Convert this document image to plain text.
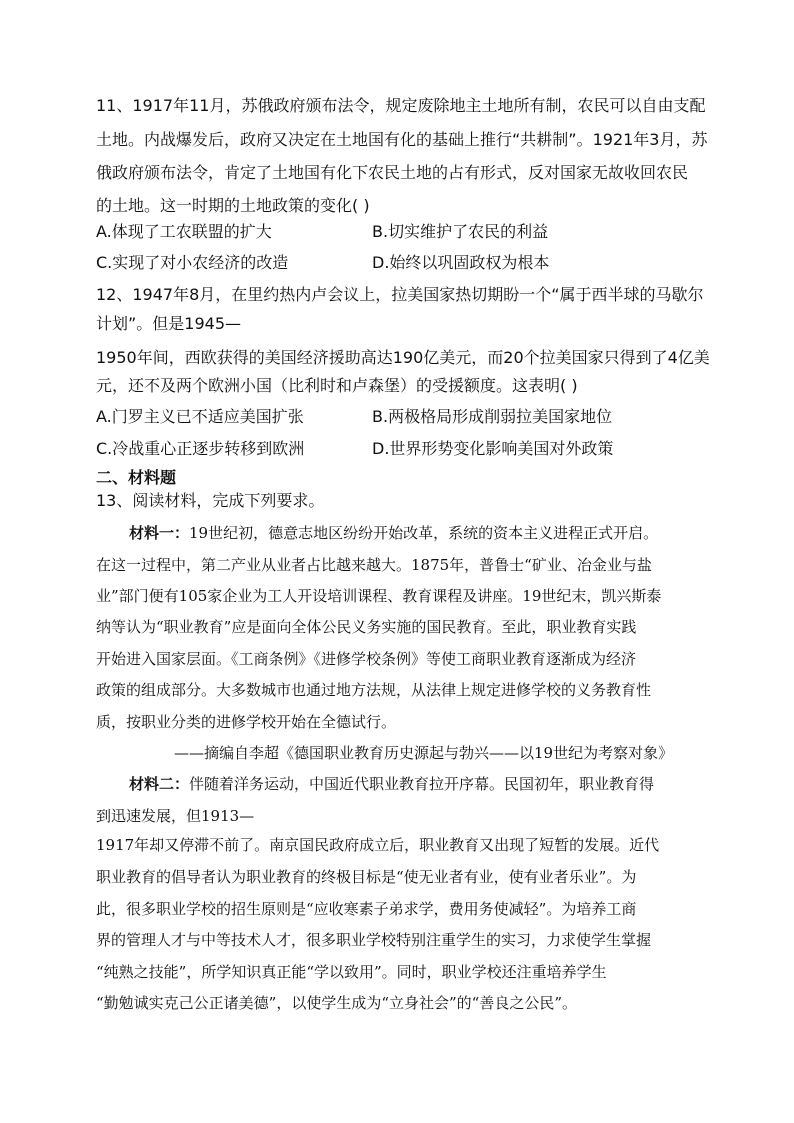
11、1917年11月，苏俄政府颁布法令，规定废除地主土地所有制，农民可以自由支配
土地。内战爆发后，政府又决定在土地国有化的基础上推行“共耕制”。1921年3月，苏
俄政府颁布法令，肯定了土地国有化下农民土地的占有形式，反对国家无故收回农民
的土地。这一时期的土地政策的变化( )
A.体现了工农联盟的扩大	B.切实维护了农民的利益
C.实现了对小农经济的改造	D.始终以巩固政权为根本
12、1947年8月，在里约热内卢会议上，拉美国家热切期盼一个“属于西半球的马歇尔
计划”。但是1945—
1950年间，西欧获得的美国经济援助高达190亿美元，而20个拉美国家只得到了4亿美
元，还不及两个欧洲小国（比利时和卢森堡）的受援额度。这表明( )
A.门罗主义已不适应美国扩张	B.两极格局形成削弱拉美国家地位
C.冷战重心正逐步转移到欧洲	D.世界形势变化影响美国对外政策
二、材料题
13、阅读材料，完成下列要求。
材料一：19世纪初，德意志地区纷纷开始改革，系统的资本主义进程正式开启。
在这一过程中，第二产业从业者占比越来越大。1875年，普鲁士“矿业、冶金业与盐
业”部门便有105家企业为工人开设培训课程、教育课程及讲座。19世纪末，凯兴斯泰
纳等认为“职业教育”应是面向全体公民义务实施的国民教育。至此，职业教育实践
开始进入国家层面。《工商条例》《进修学校条例》等使工商职业教育逐渐成为经济
政策的组成部分。大多数城市也通过地方法规，从法律上规定进修学校的义务教育性
质，按职业分类的进修学校开始在全德试行。
——摘编自李超《德国职业教育历史源起与勃兴——以19世纪为考察对象》
材料二：伴随着洋务运动，中国近代职业教育拉开序幕。民国初年，职业教育得
到迅速发展，但1913—
1917年却又停滞不前了。南京国民政府成立后，职业教育又出现了短暂的发展。近代
职业教育的倡导者认为职业教育的终极目标是“使无业者有业，使有业者乐业”。为
此，很多职业学校的招生原则是“应收寒素子弟求学，费用务使减轻”。为培养工商
界的管理人才与中等技术人才，很多职业学校特别注重学生的实习，力求使学生掌握
“纯熟之技能”，所学知识真正能“学以致用”。同时，职业学校还注重培养学生
“勤勉诚实克己公正诸美德”，以使学生成为“立身社会”的“善良之公民”。
